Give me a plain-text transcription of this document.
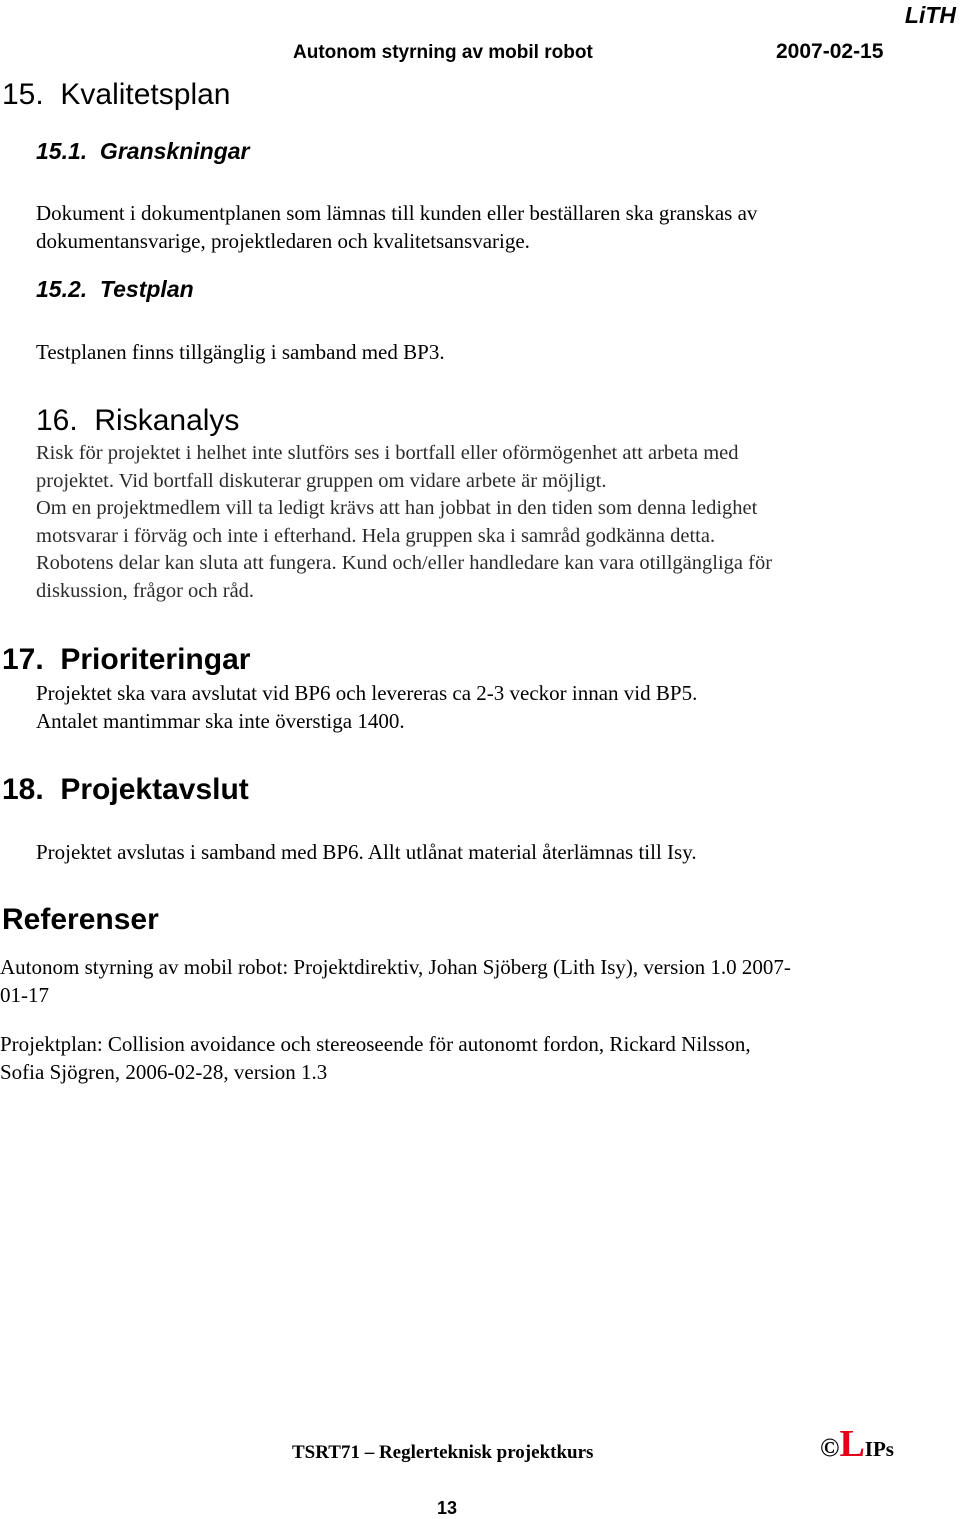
LiTH
Autonom styrning av mobil robot	2007-02-15
15.  Kvalitetsplan
15.1.  Granskningar
Dokument i dokumentplanen som lämnas till kunden eller beställaren ska granskas av
dokumentansvarige, projektledaren och kvalitetsansvarige.
15.2.  Testplan
Testplanen finns tillgänglig i samband med BP3.
16.  Riskanalys
Risk för projektet i helhet inte slutförs ses i bortfall eller oförmögenhet att arbeta med
projektet. Vid bortfall diskuterar gruppen om vidare arbete är möjligt.
Om en projektmedlem vill ta ledigt krävs att han jobbat in den tiden som denna ledighet
motsvarar i förväg och inte i efterhand. Hela gruppen ska i samråd godkänna detta.
Robotens delar kan sluta att fungera. Kund och/eller handledare kan vara otillgängliga för
diskussion, frågor och råd.
17.  Prioriteringar
Projektet ska vara avslutat vid BP6 och levereras ca 2-3 veckor innan vid BP5.
Antalet mantimmar ska inte överstiga 1400.
18.  Projektavslut
Projektet avslutas i samband med BP6. Allt utlånat material återlämnas till Isy.
Referenser
Autonom styrning av mobil robot: Projektdirektiv, Johan Sjöberg (Lith Isy), version 1.0 2007-
01-17
Projektplan: Collision avoidance och stereoseende för autonomt fordon, Rickard Nilsson,
Sofia Sjögren, 2006-02-28, version 1.3
TSRT71 – Reglerteknisk projektkurs	©LIPs
13
